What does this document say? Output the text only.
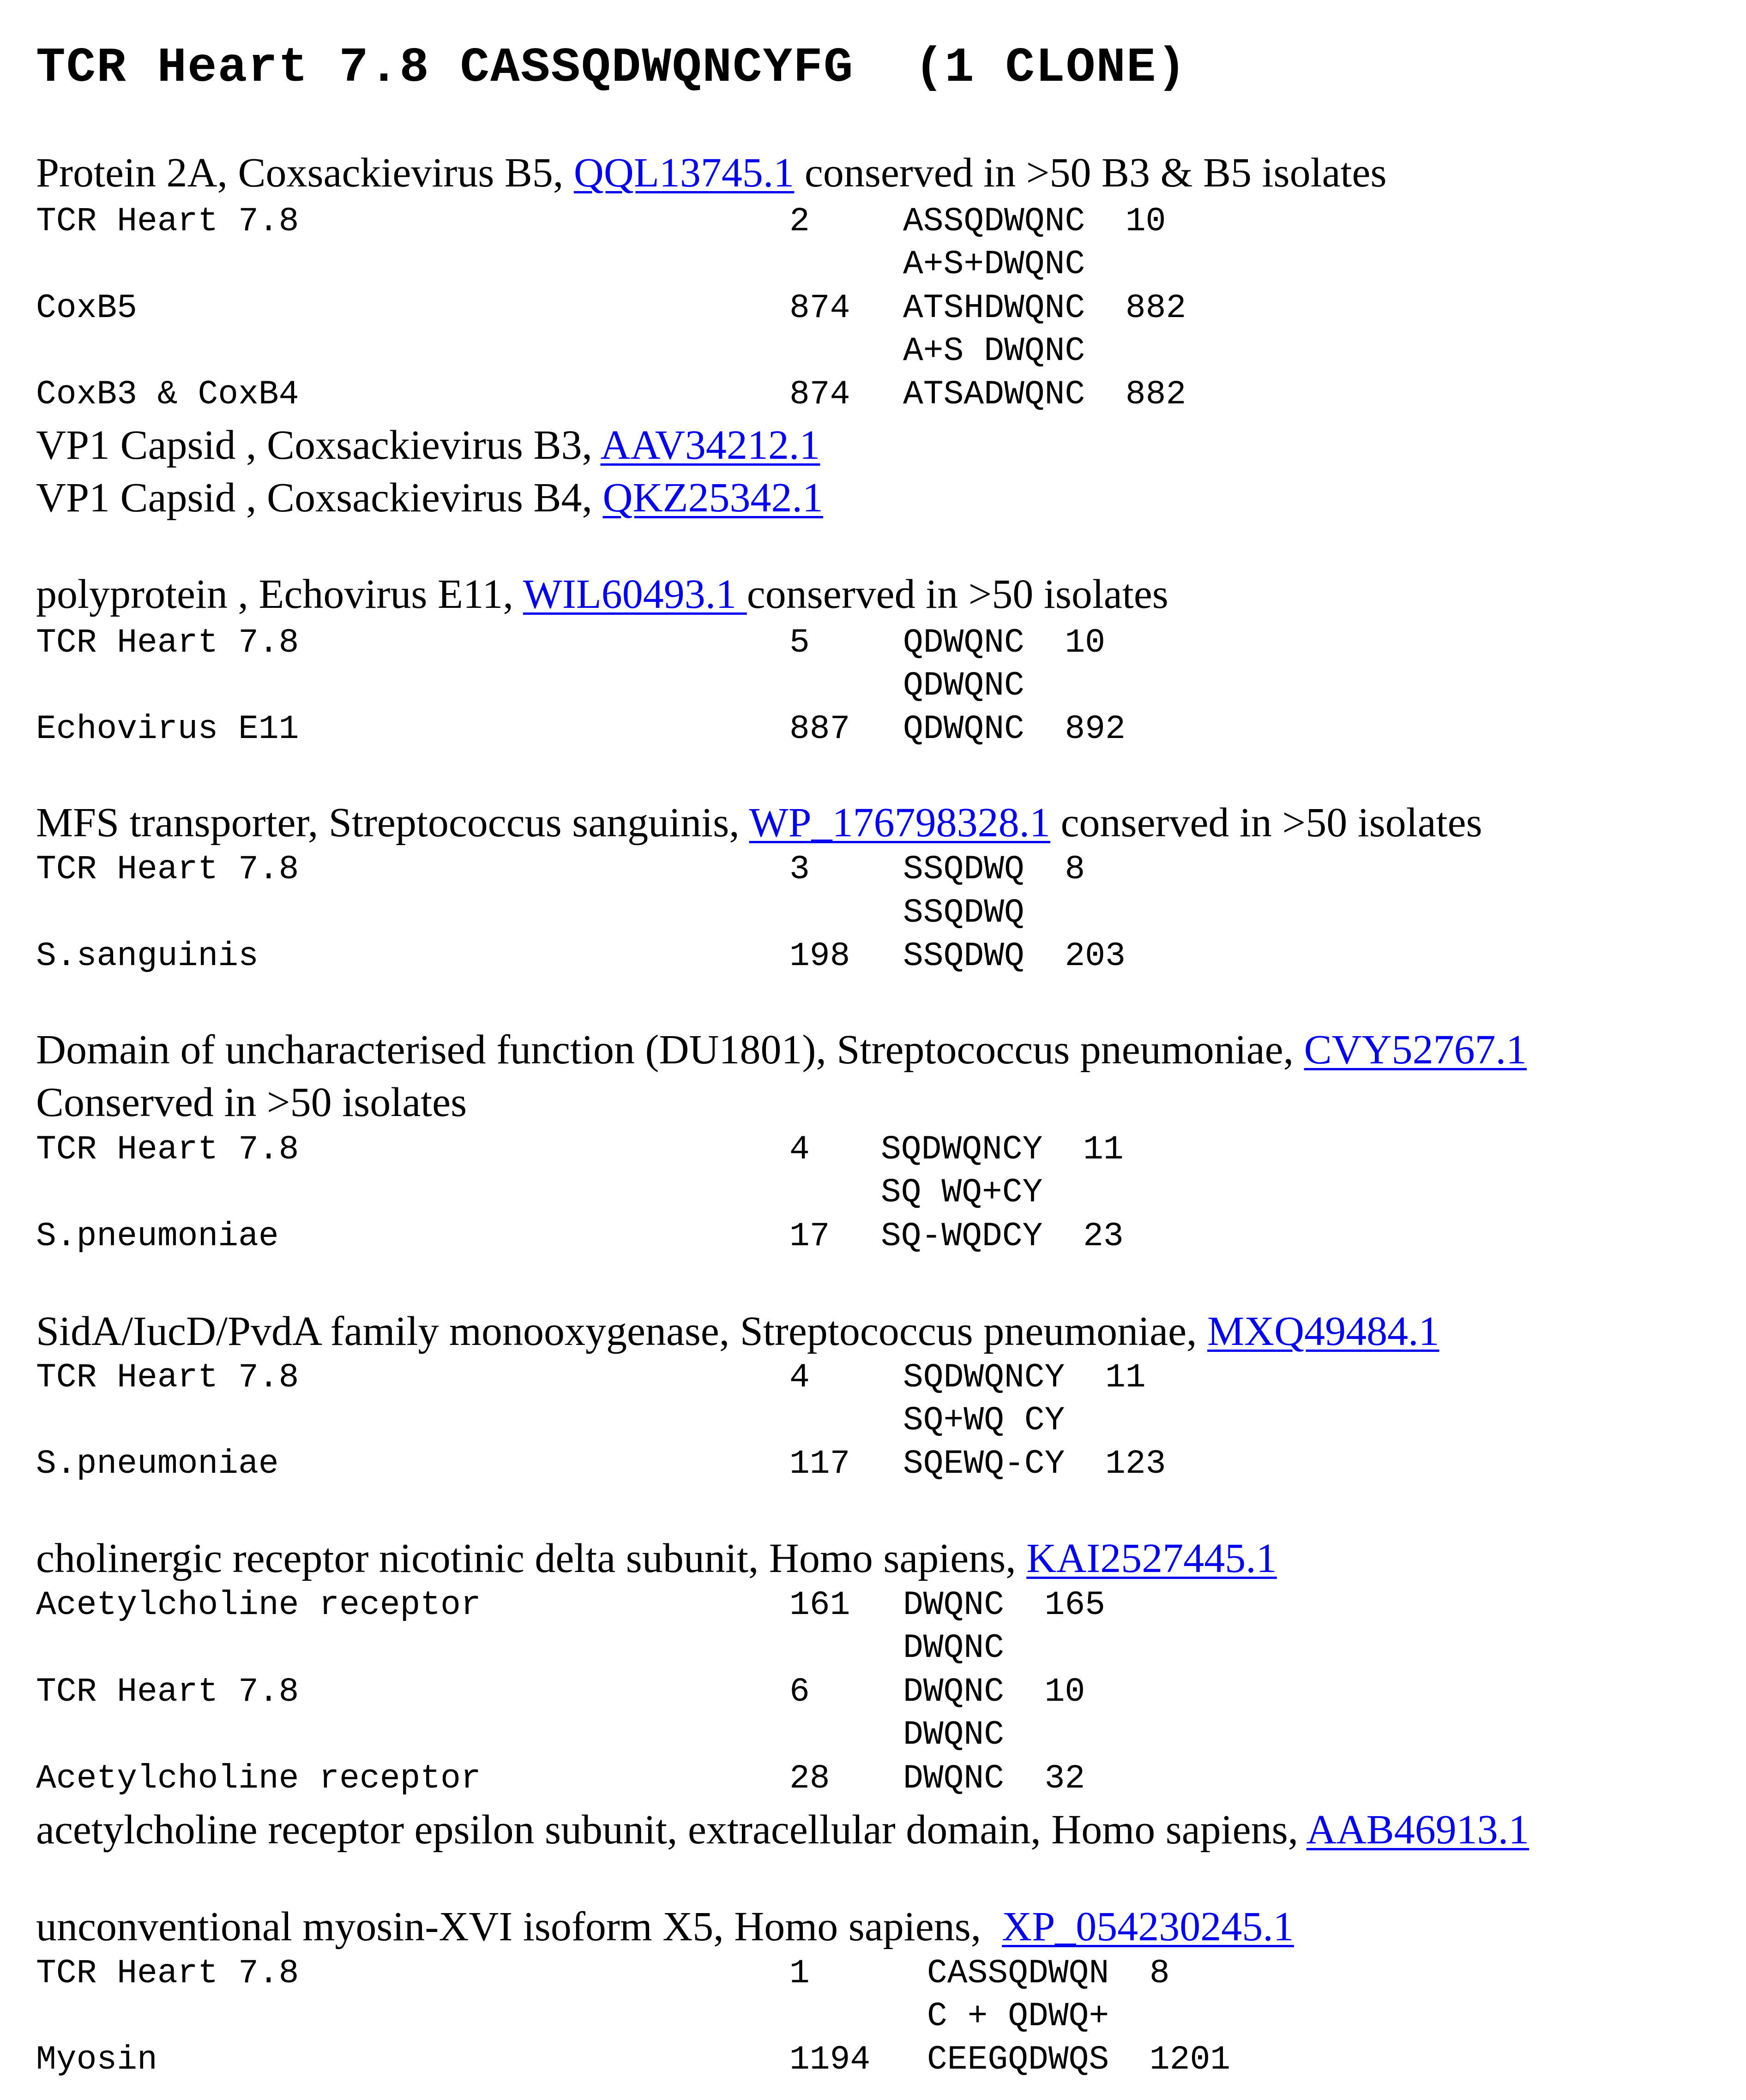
TCR Heart 7.8 CASSQDWQNCYFG  (1 CLONE)
Protein 2A, Coxsackievirus B5, QQL13745.1 conserved in >50 B3 & B5 isolates
TCR Heart 7.8	2	ASSQDWQNC  10
A+S+DWQNC
CoxB5	874 ATSHDWQNC  882
A+S DWQNC
CoxB3 & CoxB4	874 ATSADWQNC  882
VP1 Capsid , Coxsackievirus B3, AAV34212.1
VP1 Capsid , Coxsackievirus B4, QKZ25342.1
polyprotein , Echovirus E11, WIL60493.1 conserved in >50 isolates
TCR Heart 7.8	5	QDWQNC  10
QDWQNC
Echovirus E11	887 QDWQNC  892
MFS transporter, Streptococcus sanguinis, WP_176798328.1 conserved in >50 isolates
TCR Heart 7.8	3	SSQDWQ  8
SSQDWQ
S.sanguinis	198 SSQDWQ  203
Domain of uncharacterised function (DU1801), Streptococcus pneumoniae, CVY52767.1
Conserved in >50 isolates
TCR Heart 7.8	4 SQDWQNCY  11
SQ WQ+CY
S.pneumoniae	17 SQ-WQDCY  23
SidA/IucD/PvdA family monooxygenase, Streptococcus pneumoniae, MXQ49484.1
TCR Heart 7.8	4	SQDWQNCY  11
SQ+WQ CY
S.pneumoniae	117 SQEWQ-CY  123
cholinergic receptor nicotinic delta subunit, Homo sapiens, KAI2527445.1
Acetylcholine receptor	161 DWQNC  165
DWQNC
TCR Heart 7.8	6	DWQNC  10
DWQNC
Acetylcholine receptor	28 DWQNC  32
acetylcholine receptor epsilon subunit, extracellular domain, Homo sapiens, AAB46913.1
unconventional myosin-XVI isoform X5, Homo sapiens,  XP_054230245.1
TCR Heart 7.8	1	CASSQDWQN  8
C + QDWQ+
Myosin	1194 CEEGQDWQS  1201
